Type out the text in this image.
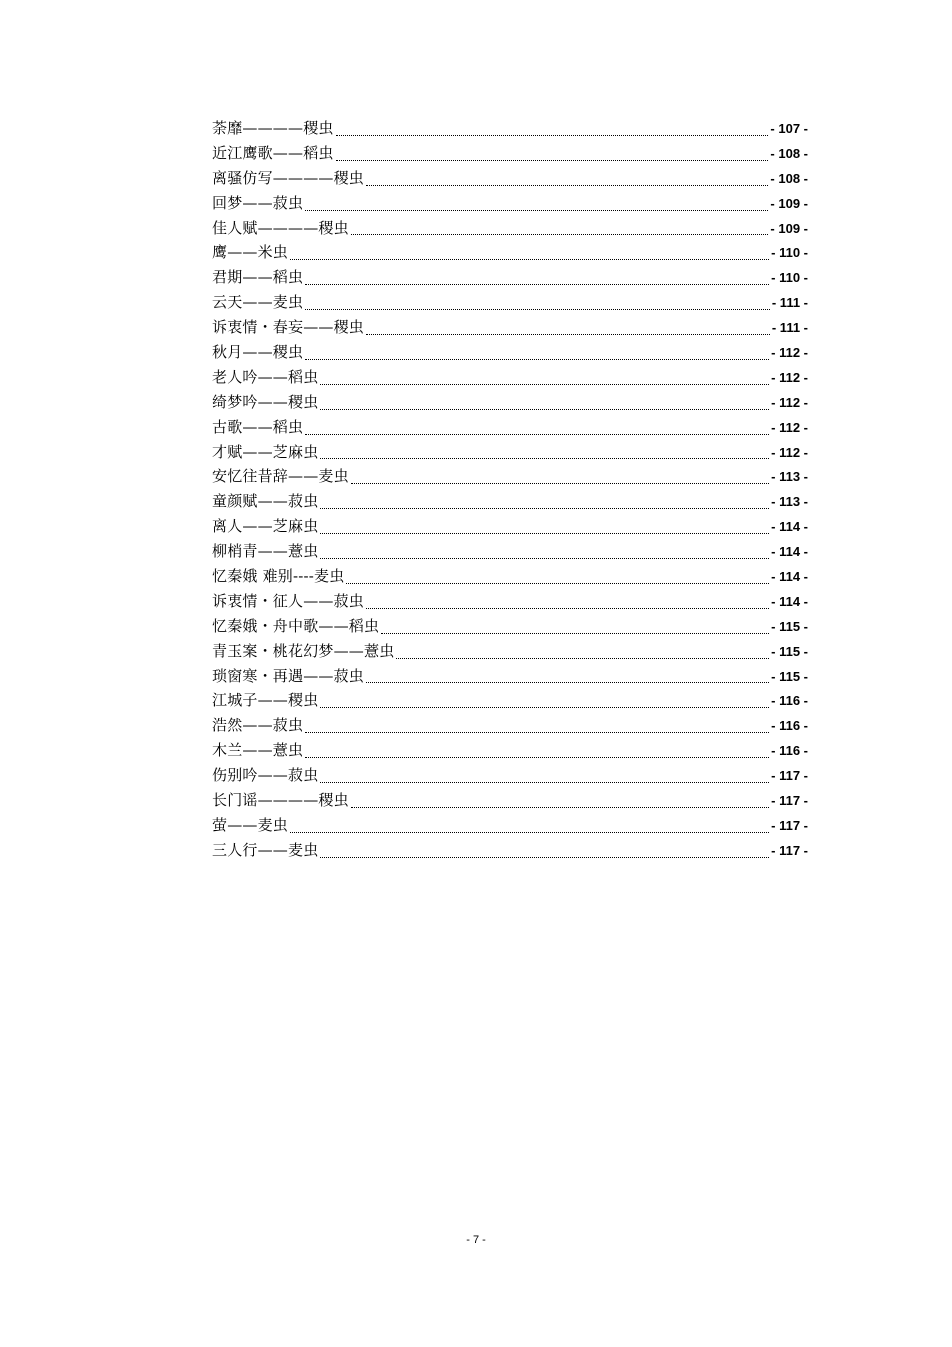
荼靡————稷虫	- 107 -
近江鹰歌——稻虫	- 108 -
离骚仿写————稷虫	- 108 -
回梦——菽虫	- 109 -
佳人赋————稷虫	- 109 -
鹰——米虫	- 110 -
君期——稻虫	- 110 -
云天——麦虫	- 111 -
诉衷情・春妄——稷虫	- 111 -
秋月——稷虫	- 112 -
老人吟——稻虫	- 112 -
绮梦吟——稷虫	- 112 -
古歌——稻虫	- 112 -
才赋——芝麻虫	- 112 -
安忆往昔辞——麦虫	- 113 -
童颜赋——菽虫	- 113 -
离人——芝麻虫	- 114 -
柳梢青——薏虫	- 114 -
忆秦娥 难别----麦虫	- 114 -
诉衷情・征人——菽虫	- 114 -
忆秦娥・舟中歌——稻虫	- 115 -
青玉案・桃花幻梦——薏虫	- 115 -
琐窗寒・再遇——菽虫	- 115 -
江城子——稷虫	- 116 -
浩然——菽虫	- 116 -
木兰——薏虫	- 116 -
伤别吟——菽虫	- 117 -
长门谣————稷虫	- 117 -
萤——麦虫	- 117 -
三人行——麦虫	- 117 -
- 7 -
